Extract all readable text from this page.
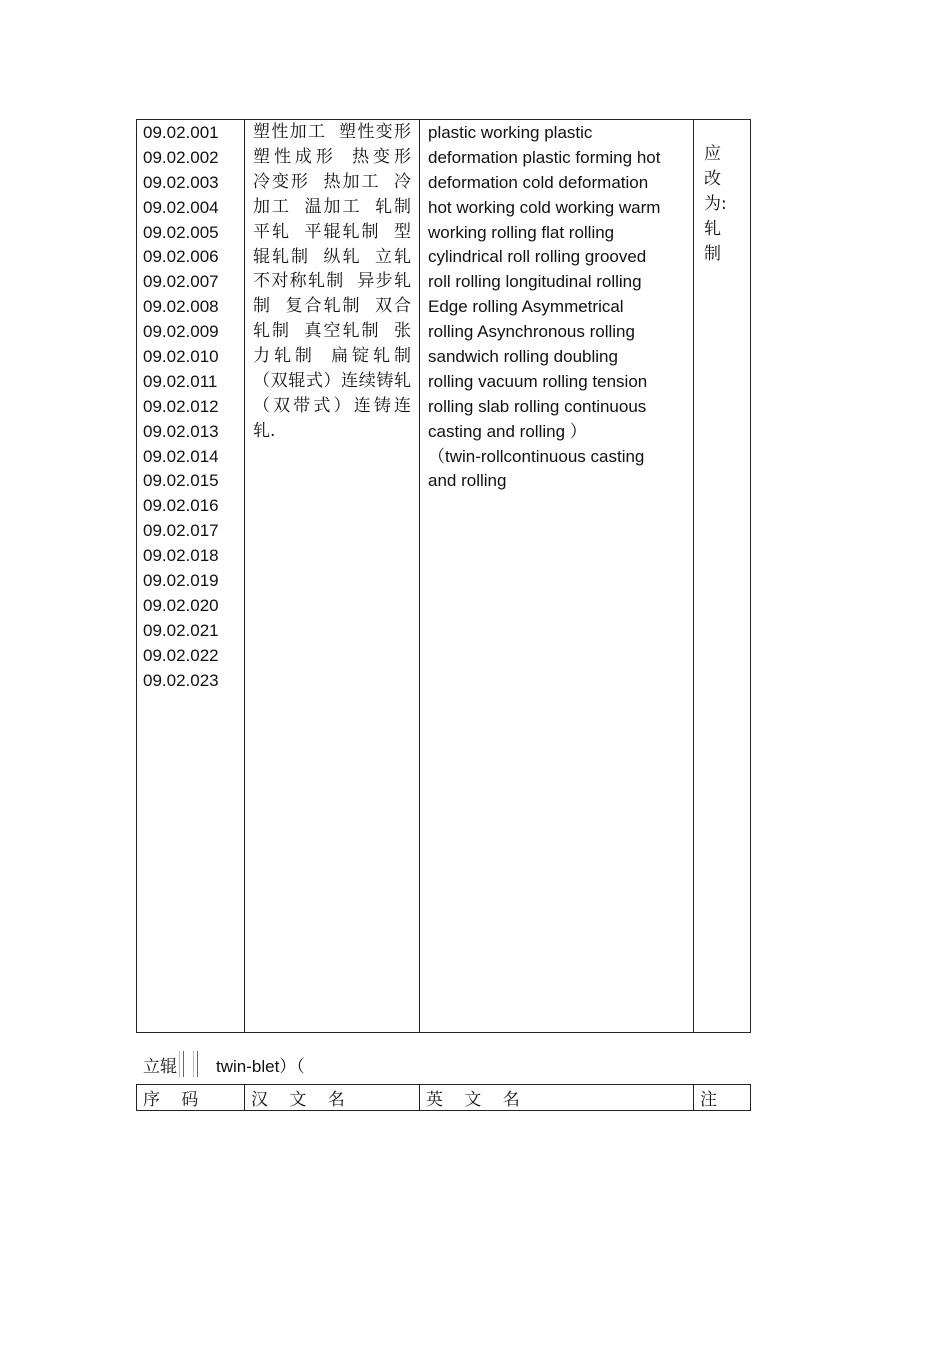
09.02.001
09.02.002
09.02.003
09.02.004
09.02.005
09.02.006
09.02.007
09.02.008
09.02.009
09.02.010
09.02.011
09.02.012
09.02.013
09.02.014
09.02.015
09.02.016
09.02.017
09.02.018
09.02.019
09.02.020
09.02.021
09.02.022
09.02.023

塑性加工 塑性变形 塑性成形 热变形 冷变形 热加工 冷加工 温加工 轧制 平轧 平辊轧制 型辊轧制 纵轧 立轧 不对称轧制 异步轧制 复合轧制 双合轧制 真空轧制 张力轧制 扁锭轧制 （双辊式）连续铸轧 （双带式）连铸连轧.

plastic working plastic
deformation plastic forming hot
deformation cold deformation
hot working cold working warm
working rolling flat rolling
cylindrical roll rolling grooved
roll rolling longitudinal rolling
Edge rolling Asymmetrical
rolling Asynchronous rolling
sandwich rolling doubling
rolling vacuum rolling tension
rolling slab rolling continuous
casting and rolling ）
（twin-rollcontinuous casting
and rolling

应
改
为:
轧
制
立辊 twin-blet）（
序 码	汉 文 名	英 文 名	注
